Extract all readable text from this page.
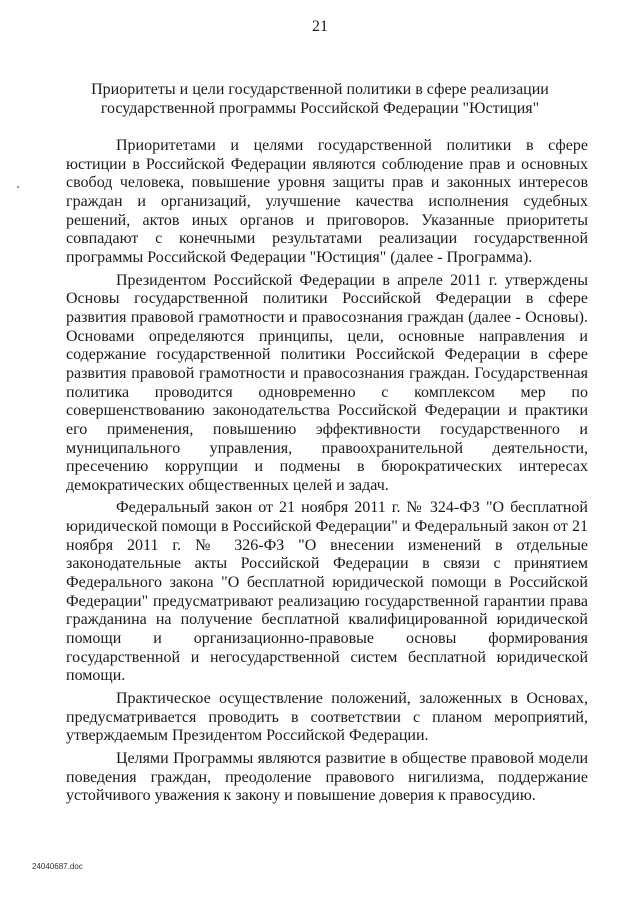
21
Приоритеты и цели государственной политики в сфере реализации
государственной программы Российской Федерации "Юстиция"

Приоритетами и целями государственной политики в сфере юстиции в Российской Федерации являются соблюдение прав и основных свобод человека, повышение уровня защиты прав и законных интересов граждан и организаций, улучшение качества исполнения судебных решений, актов иных органов и приговоров. Указанные приоритеты совпадают с конечными результатами реализации государственной программы Российской Федерации "Юстиция" (далее - Программа).

Президентом Российской Федерации в апреле 2011 г. утверждены Основы государственной политики Российской Федерации в сфере развития правовой грамотности и правосознания граждан (далее - Основы). Основами определяются принципы, цели, основные направления и содержание государственной политики Российской Федерации в сфере развития правовой грамотности и правосознания граждан. Государственная политика проводится одновременно с комплексом мер по совершенствованию законодательства Российской Федерации и практики его применения, повышению эффективности государственного и муниципального управления, правоохранительной деятельности, пресечению коррупции и подмены в бюрократических интересах демократических общественных целей и задач.

Федеральный закон от 21 ноября 2011 г. № 324-ФЗ "О бесплатной юридической помощи в Российской Федерации" и Федеральный закон от 21 ноября 2011 г. № 326-ФЗ "О внесении изменений в отдельные законодательные акты Российской Федерации в связи с принятием Федерального закона "О бесплатной юридической помощи в Российской Федерации" предусматривают реализацию государственной гарантии права гражданина на получение бесплатной квалифицированной юридической помощи и организационно-правовые основы формирования государственной и негосударственной систем бесплатной юридической помощи.

Практическое осуществление положений, заложенных в Основах, предусматривается проводить в соответствии с планом мероприятий, утверждаемым Президентом Российской Федерации.

Целями Программы являются развитие в обществе правовой модели поведения граждан, преодоление правового нигилизма, поддержание устойчивого уважения к закону и повышение доверия к правосудию.

24040687.doc
